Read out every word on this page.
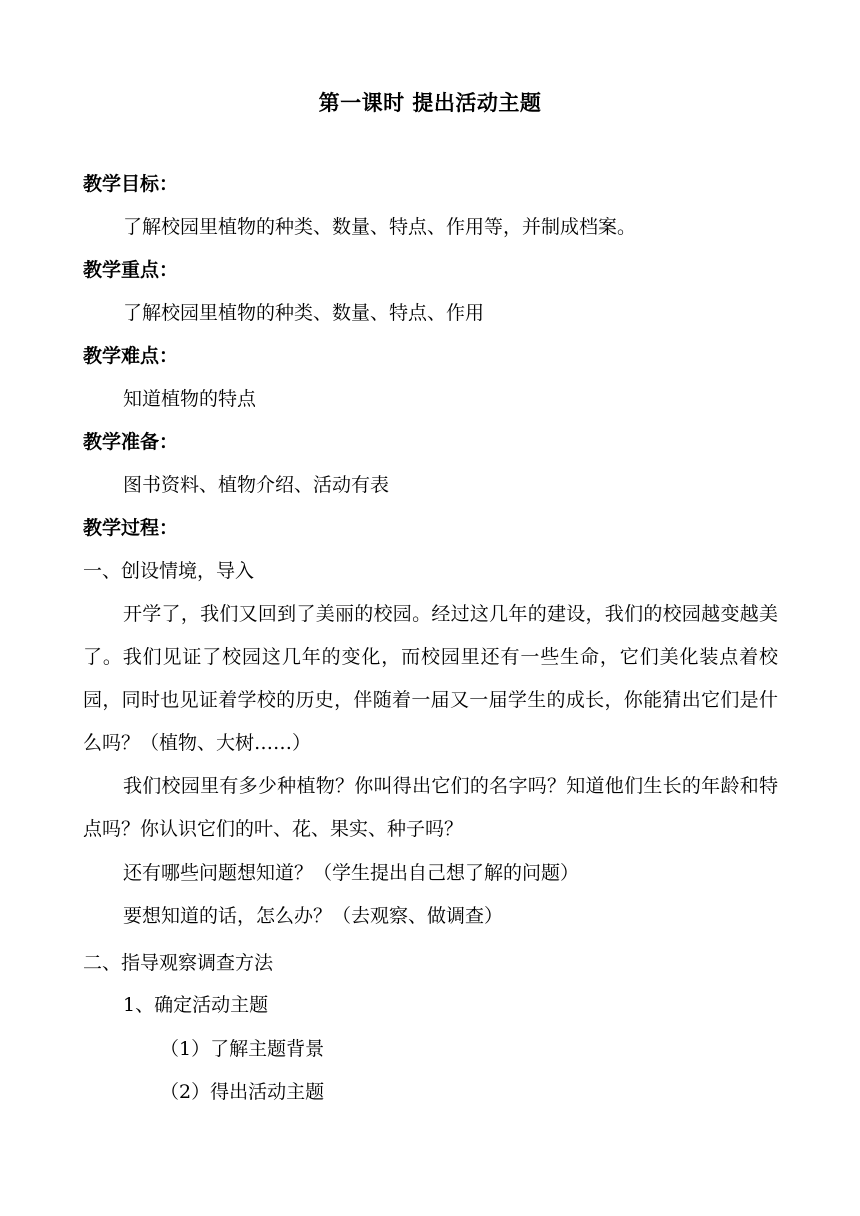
第一课时 提出活动主题
教学目标：
了解校园里植物的种类、数量、特点、作用等，并制成档案。
教学重点：
了解校园里植物的种类、数量、特点、作用
教学难点：
知道植物的特点
教学准备：
图书资料、植物介绍、活动有表
教学过程：
一、创设情境，导入
开学了，我们又回到了美丽的校园。经过这几年的建设，我们的校园越变越美了。我们见证了校园这几年的变化，而校园里还有一些生命，它们美化装点着校园，同时也见证着学校的历史，伴随着一届又一届学生的成长，你能猜出它们是什么吗？（植物、大树……）
我们校园里有多少种植物？你叫得出它们的名字吗？知道他们生长的年龄和特点吗？你认识它们的叶、花、果实、种子吗？
还有哪些问题想知道？（学生提出自己想了解的问题）
要想知道的话，怎么办？（去观察、做调查）
二、指导观察调查方法
1、确定活动主题
（1）了解主题背景
（2）得出活动主题
